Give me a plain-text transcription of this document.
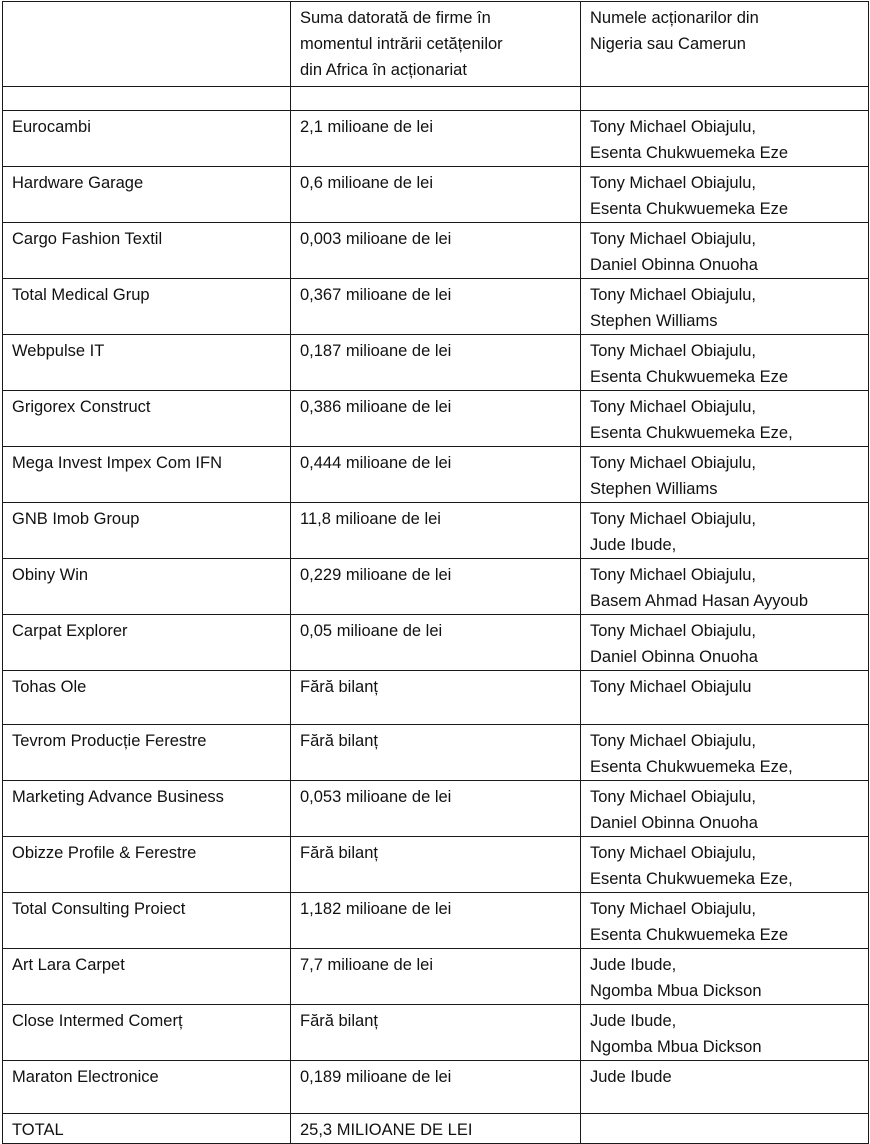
	Suma datorată de firme în
momentul intrării cetățenilor
din Africa în acționariat	Numele acționarilor din
Nigeria sau Camerun

Eurocambi	2,1 milioane de lei	Tony Michael Obiajulu,
Esenta Chukwuemeka Eze

Hardware Garage	0,6 milioane de lei	Tony Michael Obiajulu,
Esenta Chukwuemeka Eze

Cargo Fashion Textil	0,003 milioane de lei	Tony Michael Obiajulu,
Daniel Obinna Onuoha

Total Medical Grup	0,367 milioane de lei	Tony Michael Obiajulu,
Stephen Williams

Webpulse IT	0,187 milioane de lei	Tony Michael Obiajulu,
Esenta Chukwuemeka Eze

Grigorex Construct	0,386 milioane de lei	Tony Michael Obiajulu,
Esenta Chukwuemeka Eze,

Mega Invest Impex Com IFN	0,444 milioane de lei	Tony Michael Obiajulu,
Stephen Williams

GNB Imob Group	11,8 milioane de lei	Tony Michael Obiajulu,
Jude Ibude,

Obiny Win	0,229 milioane de lei	Tony Michael Obiajulu,
Basem Ahmad Hasan Ayyoub

Carpat Explorer	0,05 milioane de lei	Tony Michael Obiajulu,
Daniel Obinna Onuoha

Tohas Ole	Fără bilanț	Tony Michael Obiajulu

Tevrom Producție Ferestre	Fără bilanț	Tony Michael Obiajulu,
Esenta Chukwuemeka Eze,

Marketing Advance Business	0,053 milioane de lei	Tony Michael Obiajulu,
Daniel Obinna Onuoha

Obizze Profile & Ferestre	Fără bilanț	Tony Michael Obiajulu,
Esenta Chukwuemeka Eze,

Total Consulting Proiect	1,182 milioane de lei	Tony Michael Obiajulu,
Esenta Chukwuemeka Eze

Art Lara Carpet	7,7 milioane de lei	Jude Ibude,
Ngomba Mbua Dickson

Close Intermed Comerț	Fără bilanț	Jude Ibude,
Ngomba Mbua Dickson

Maraton Electronice	0,189 milioane de lei	Jude Ibude

TOTAL	25,3 MILIOANE DE LEI	
